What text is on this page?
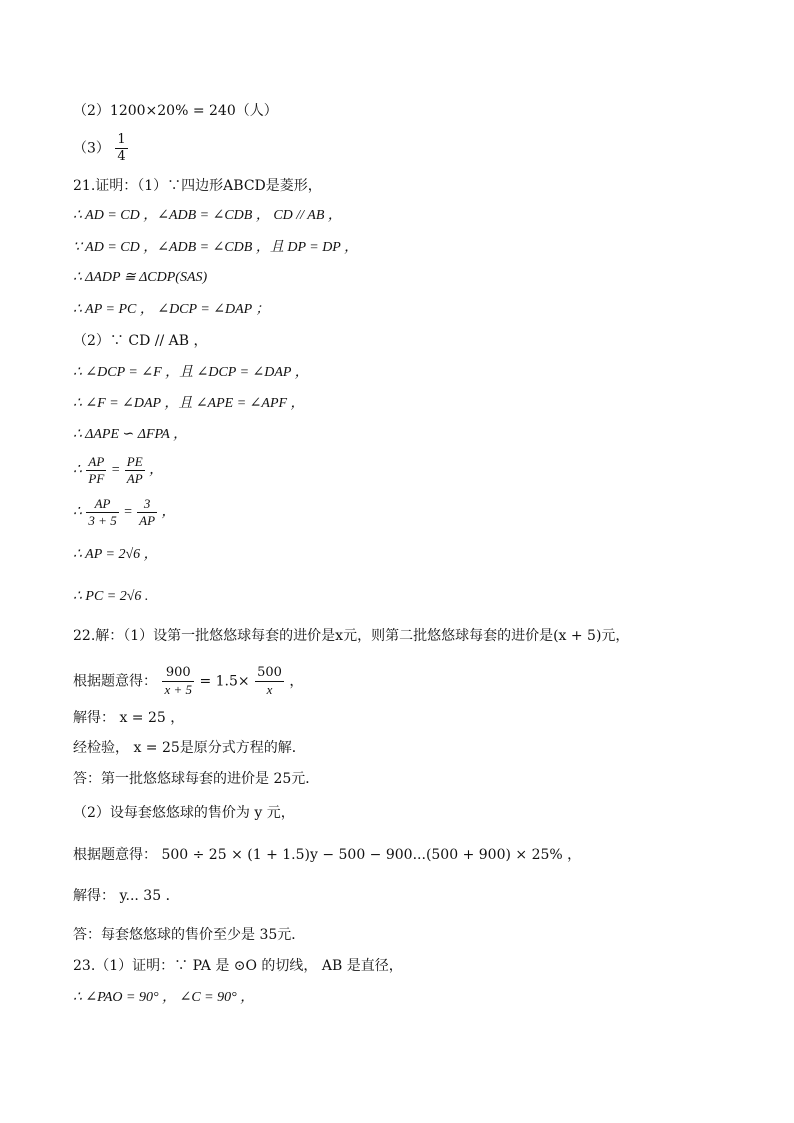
（2）1200×20% = 240（人）
$(3) \frac{1}{4}$
21.证明：（1）∵四边形ABCD是菱形，
∴ AD = CD ，∠ADB = ∠CDB ， CD // AB ，
∵ AD = CD ，∠ADB = ∠CDB ，且 DP = DP ，
∴ ΔADP ≅ ΔCDP(SAS)
∴ AP = PC ， ∠DCP = ∠DAP ；
（2）∵ CD // AB ，
∴ ∠DCP = ∠F ，且 ∠DCP = ∠DAP ，
∴ ∠F = ∠DAP ，且 ∠APE = ∠APF ，
∴ ΔAPE ∽ ΔFPA ，
∴ $\frac{AP}{PF} = \frac{PE}{AP}$ ，
∴ $\frac{AP}{3 + 5} = \frac{3}{AP}$ ，
∴ AP = 2√6 ，
∴ PC = 2√6 .
22.解：（1）设第一批悠悠球每套的进价是x元，则第二批悠悠球每套的进价是(x + 5)元，
根据题意得： $\frac{900}{x + 5} = 1.5\times \frac{500}{x}$ ，
解得： x = 25 ，
经检验， x = 25是原分式方程的解．
答：第一批悠悠球每套的进价是 25元．
（2）设每套悠悠球的售价为 y 元，
根据题意得： 500 ÷ 25 × (1 + 1.5)y − 500 − 900...(500 + 900) × 25% ，
解得： y... 35 ．
答：每套悠悠球的售价至少是 35元．
23.（1）证明：∵ PA 是 ⊙O 的切线， AB 是直径，
∴ ∠PAO = 90° ， ∠C = 90° ，
